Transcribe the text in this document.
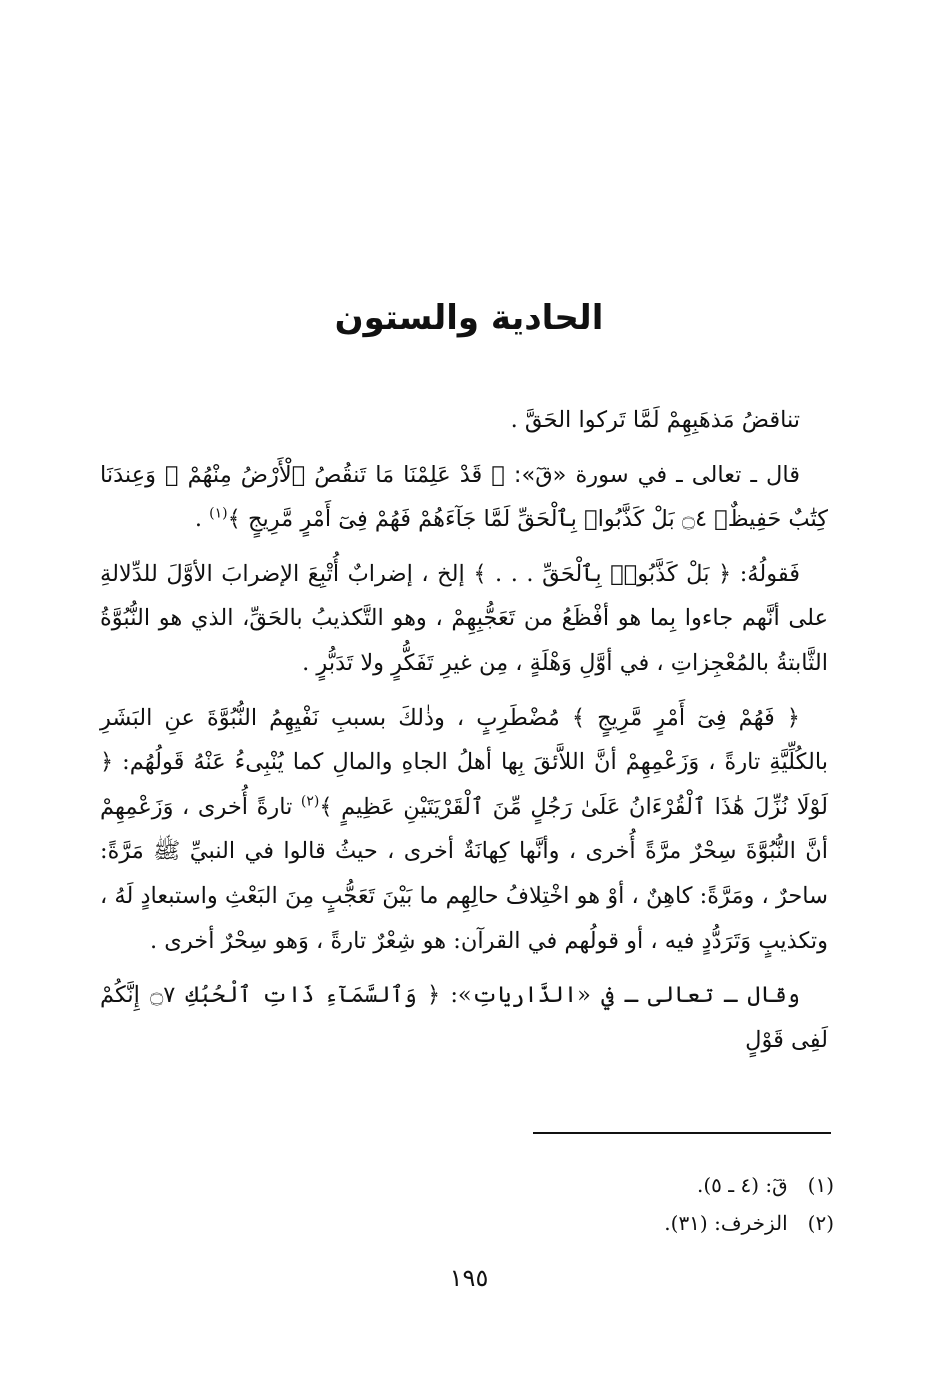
الحادية والستون

تناقضُ مَذهَبِهِمْ لَمَّا تَركوا الحَقَّ .

قال ـ تعالى ـ في سورة «قٓ»: ﴿ قَدْ عَلِمْنَا مَا تَنقُصُ ٱلْأَرْضُ مِنْهُمْ ۖ وَعِندَنَا كِتَٰبٌ حَفِيظٌۢ ۝٤ بَلْ كَذَّبُوا۟ بِٱلْحَقِّ لَمَّا جَآءَهُمْ فَهُمْ فِىٓ أَمْرٍ مَّرِيجٍ ﴾$^{(١)}$ .

فَقولُهُ: ﴿ بَلْ كَذَّبُوا۟ بِٱلْحَقِّ . . . ﴾ إلخ ، إضرابٌ أُتْبِعَ الإضرابَ الأوَّلَ للدِّلالةِ على أنَّهم جاءوا بِما هو أفْظَعُ من تَعَجُّبِهِمْ ، وهو التَّكذيبُ بالحَقِّ، الذي هو النُّبُوَّةُ الثَّابتةُ بالمُعْجِزاتِ ، في أوَّلِ وَهْلَةٍ ، مِن غيرِ تَفَكُّرٍ ولا تَدَبُّرٍ .

﴿ فَهُمْ فِىٓ أَمْرٍ مَّرِيجٍ ﴾ مُضْطَرِبٍ ، وذٰلكَ بسببِ نَفْيِهِمُ النُّبُوَّةَ عنِ البَشَرِ بالكُلِّيَّةِ تارةً ، وَزَعْمِهِمْ أنَّ اللاَّئقَ بِها أهلُ الجاهِ والمالِ كما يُنْبِىءُ عَنْهُ قَولُهُم: ﴿ لَوْلَا نُزِّلَ هَٰذَا ٱلْقُرْءَانُ عَلَىٰ رَجُلٍ مِّنَ ٱلْقَرْيَتَيْنِ عَظِيمٍ ﴾$^{(٢)}$ تارةً أُخرى ، وَزَعْمِهِمْ أنَّ النُّبُوَّةَ سِحْرٌ مرَّةً أُخرى ، وأنَّها كِهانَةٌ أخرى ، حيثُ قالوا في النبيِّ ﷺ مَرَّةً: ساحرٌ ، ومَرَّةً: كاهِنٌ ، أوْ هو اخْتِلافُ حالِهِم ما بَيْنَ تَعَجُّبٍ مِنَ البَعْثِ واستبعادٍ لَهُ ، وتكذيبٍ وَتَرَدُّدٍ فيه ، أو قولُهم في القرآن: هو شِعْرٌ تارةً ، وَهو سِحْرٌ أخرى .

وقال ـ تعالى ـ في «الذَّارياتِ»: ﴿ وَٱلسَّمَآءِ ذَاتِ ٱلْحُبُكِ ۝٧ إِنَّكُمْ لَفِى قَوْلٍ

(١) قٓ: (٤ ـ ٥).

(٢) الزخرف: (٣١).

١٩٥
